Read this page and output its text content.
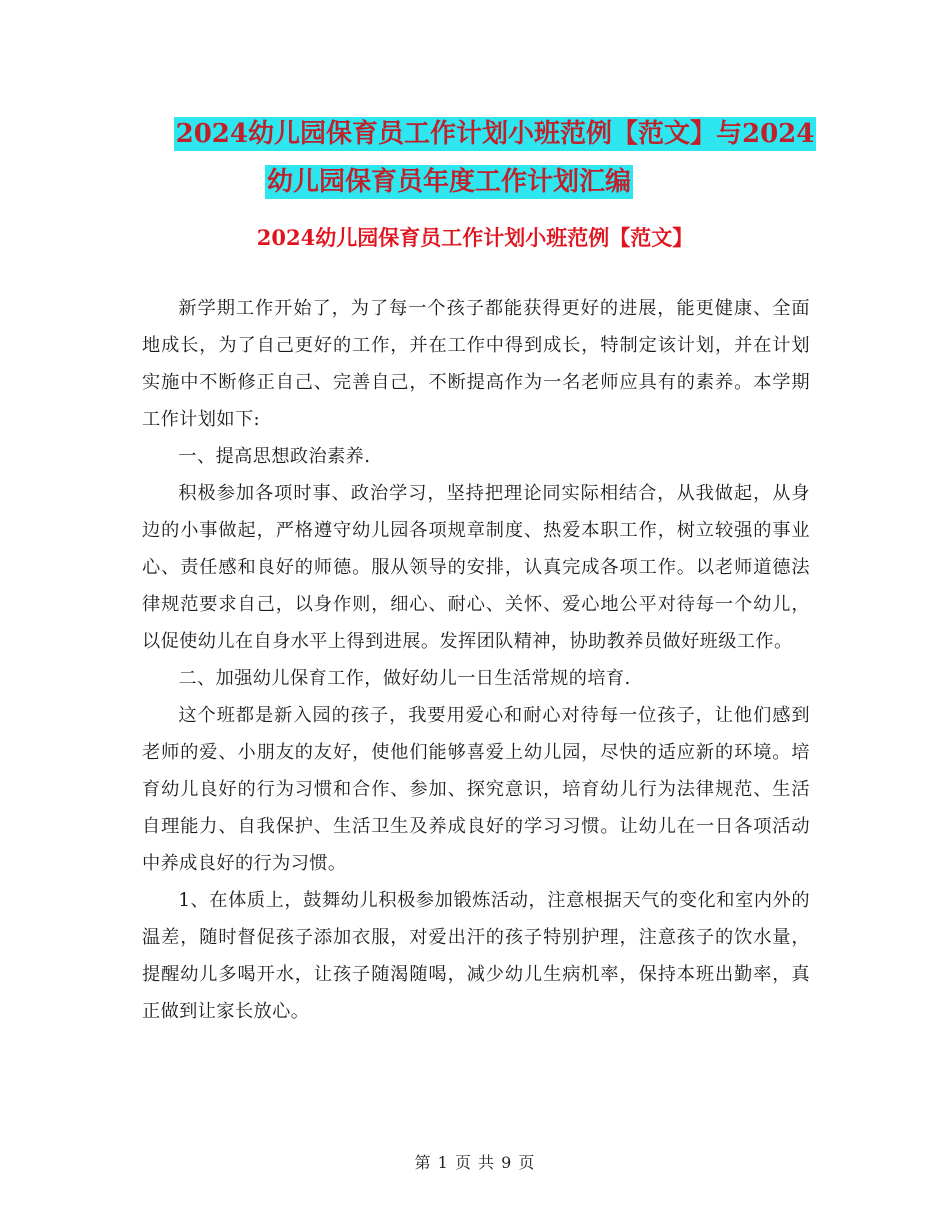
2024幼儿园保育员工作计划小班范例【范文】与2024
幼儿园保育员年度工作计划汇编
2024幼儿园保育员工作计划小班范例【范文】

新学期工作开始了，为了每一个孩子都能获得更好的进展，能更健康、全面地成长，为了自己更好的工作，并在工作中得到成长，特制定该计划，并在计划实施中不断修正自己、完善自己，不断提高作为一名老师应具有的素养。本学期工作计划如下:

一、提高思想政治素养.

积极参加各项时事、政治学习，坚持把理论同实际相结合，从我做起，从身边的小事做起，严格遵守幼儿园各项规章制度、热爱本职工作，树立较强的事业心、责任感和良好的师德。服从领导的安排，认真完成各项工作。以老师道德法律规范要求自己，以身作则，细心、耐心、关怀、爱心地公平对待每一个幼儿，以促使幼儿在自身水平上得到进展。发挥团队精神，协助教养员做好班级工作。

二、加强幼儿保育工作，做好幼儿一日生活常规的培育.

这个班都是新入园的孩子，我要用爱心和耐心对待每一位孩子，让他们感到老师的爱、小朋友的友好，使他们能够喜爱上幼儿园，尽快的适应新的环境。培育幼儿良好的行为习惯和合作、参加、探究意识，培育幼儿行为法律规范、生活自理能力、自我保护、生活卫生及养成良好的学习习惯。让幼儿在一日各项活动中养成良好的行为习惯。

1、在体质上，鼓舞幼儿积极参加锻炼活动，注意根据天气的变化和室内外的温差，随时督促孩子添加衣服，对爱出汗的孩子特别护理，注意孩子的饮水量，提醒幼儿多喝开水，让孩子随渴随喝，减少幼儿生病机率，保持本班出勤率，真正做到让家长放心。

第 1 页 共 9 页
